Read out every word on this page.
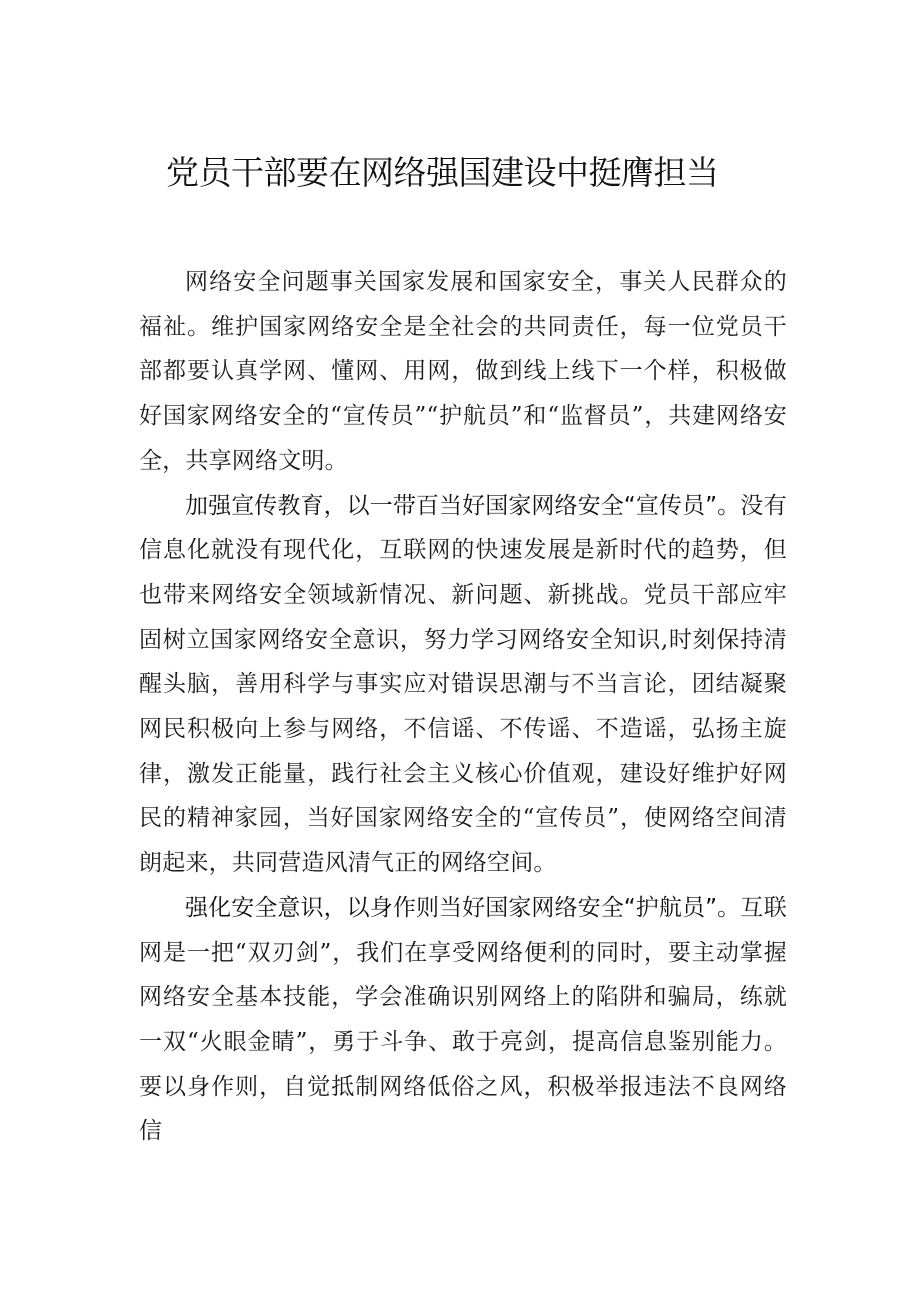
党员干部要在网络强国建设中挺膺担当

网络安全问题事关国家发展和国家安全，事关人民群众的福祉。维护国家网络安全是全社会的共同责任，每一位党员干部都要认真学网、懂网、用网，做到线上线下一个样，积极做好国家网络安全的“宣传员”“护航员”和“监督员”，共建网络安全，共享网络文明。

加强宣传教育，以一带百当好国家网络安全“宣传员”。没有信息化就没有现代化，互联网的快速发展是新时代的趋势，但也带来网络安全领域新情况、新问题、新挑战。党员干部应牢固树立国家网络安全意识，努力学习网络安全知识,时刻保持清醒头脑，善用科学与事实应对错误思潮与不当言论，团结凝聚网民积极向上参与网络，不信谣、不传谣、不造谣，弘扬主旋律，激发正能量，践行社会主义核心价值观，建设好维护好网民的精神家园，当好国家网络安全的“宣传员”，使网络空间清朗起来，共同营造风清气正的网络空间。

强化安全意识，以身作则当好国家网络安全“护航员”。互联网是一把“双刃剑”，我们在享受网络便利的同时，要主动掌握网络安全基本技能，学会准确识别网络上的陷阱和骗局，练就一双“火眼金睛”，勇于斗争、敢于亮剑，提高信息鉴别能力。要以身作则，自觉抵制网络低俗之风，积极举报违法不良网络信
